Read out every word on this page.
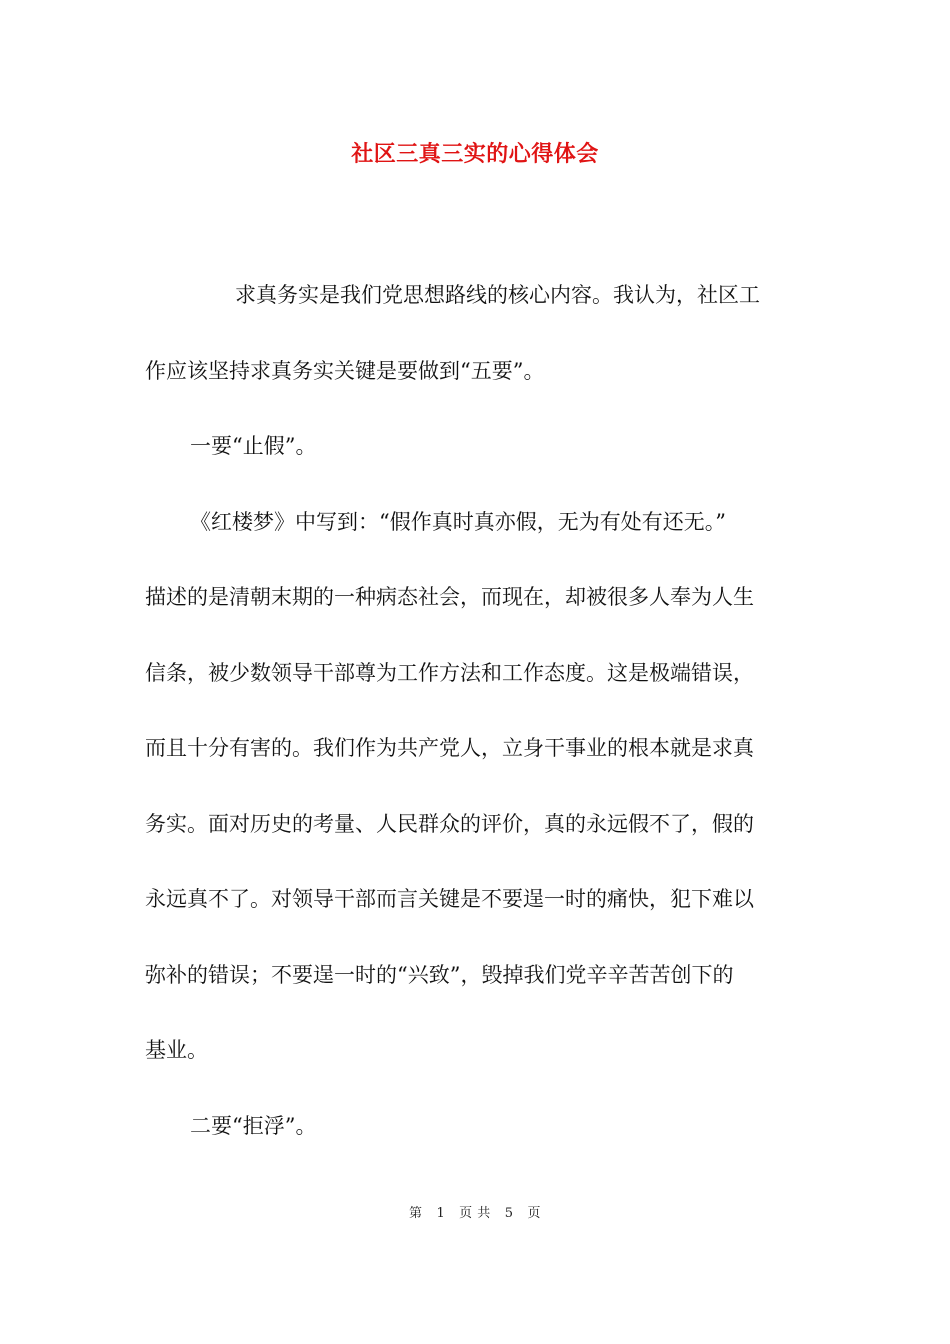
社区三真三实的心得体会
求真务实是我们党思想路线的核心内容。我认为，社区工
作应该坚持求真务实关键是要做到“五要”。
一要“止假”。
《红楼梦》中写到：“假作真时真亦假，无为有处有还无。”
描述的是清朝末期的一种病态社会，而现在，却被很多人奉为人生
信条，被少数领导干部尊为工作方法和工作态度。这是极端错误，
而且十分有害的。我们作为共产党人，立身干事业的根本就是求真
务实。面对历史的考量、人民群众的评价，真的永远假不了，假的
永远真不了。对领导干部而言关键是不要逞一时的痛快，犯下难以
弥补的错误；不要逞一时的“兴致”，毁掉我们党辛辛苦苦创下的
基业。
二要“拒浮”。
第 1 页 共 5 页
